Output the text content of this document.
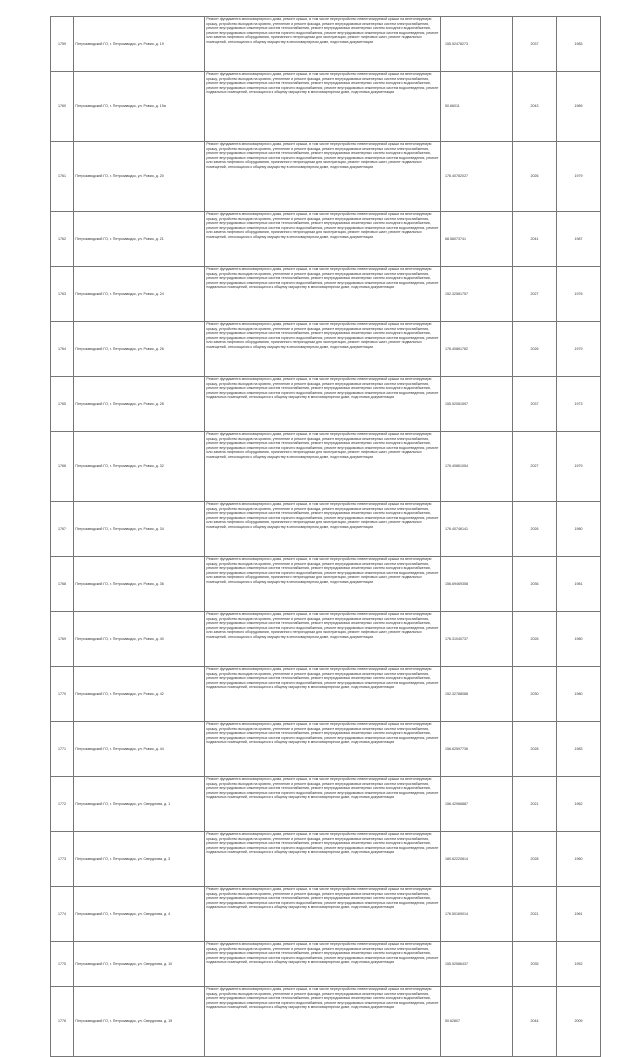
1759	Петрозаводский ГО, г. Петрозаводск, ул. Ровио, д. 19	Ремонт фундамента многоквартирного дома, ремонт крыши, в том числе переустройство невентилируемой крыши на вентилируемую крышу, устройство выходов на кровлю, утепление и ремонт фасада, ремонт внутридомовых инженерных систем электроснабжения, ремонт внутридомовых инженерных систем теплоснабжения, ремонт внутридомовых инженерных систем холодного водоснабжения, ремонт внутридомовых инженерных систем горячего водоснабжения, ремонт внутридомовых инженерных систем водоотведения, ремонт или замена лифтового оборудования, признанного непригодным для эксплуатации, ремонт лифтовых шахт, ремонт подвальных помещений, относящихся к общему имуществу в многоквартирном доме, подготовка документации	155.52478273	2037	1983
1760	Петрозаводский ГО, г. Петрозаводск, ул. Ровио, д. 19а	Ремонт фундамента многоквартирного дома, ремонт крыши, в том числе переустройство невентилируемой крыши на вентилируемую крышу, устройство выходов на кровлю, утепление и ремонт фасада, ремонт внутридомовых инженерных систем электроснабжения, ремонт внутридомовых инженерных систем теплоснабжения, ремонт внутридомовых инженерных систем холодного водоснабжения, ремонт внутридомовых инженерных систем горячего водоснабжения, ремонт внутридомовых инженерных систем водоотведения, ремонт подвальных помещений, относящихся к общему имуществу в многоквартирном доме, подготовка документации	50.66011	2043	1989
1761	Петрозаводский ГО, г. Петрозаводск, ул. Ровио, д. 20	Ремонт фундамента многоквартирного дома, ремонт крыши, в том числе переустройство невентилируемой крыши на вентилируемую крышу, устройство выходов на кровлю, утепление и ремонт фасада, ремонт внутридомовых инженерных систем электроснабжения, ремонт внутридомовых инженерных систем теплоснабжения, ремонт внутридомовых инженерных систем холодного водоснабжения, ремонт внутридомовых инженерных систем горячего водоснабжения, ремонт внутридомовых инженерных систем водоотведения, ремонт или замена лифтового оборудования, признанного непригодным для эксплуатации, ремонт лифтовых шахт, ремонт подвальных помещений, относящихся к общему имуществу в многоквартирном доме, подготовка документации	176.40782027	2026	1979
1762	Петрозаводский ГО, г. Петрозаводск, ул. Ровио, д. 21	Ремонт фундамента многоквартирного дома, ремонт крыши, в том числе переустройство невентилируемой крыши на вентилируемую крышу, устройство выходов на кровлю, утепление и ремонт фасада, ремонт внутридомовых инженерных систем электроснабжения, ремонт внутридомовых инженерных систем теплоснабжения, ремонт внутридомовых инженерных систем холодного водоснабжения, ремонт внутридомовых инженерных систем горячего водоснабжения, ремонт внутридомовых инженерных систем водоотведения, ремонт или замена лифтового оборудования, признанного непригодным для эксплуатации, ремонт лифтовых шахт, ремонт подвальных помещений, относящихся к общему имуществу в многоквартирном доме, подготовка документации	68.58073741	2041	1987
1763	Петрозаводский ГО, г. Петрозаводск, ул. Ровио, д. 24	Ремонт фундамента многоквартирного дома, ремонт крыши, в том числе переустройство невентилируемой крыши на вентилируемую крышу, устройство выходов на кровлю, утепление и ремонт фасада, ремонт внутридомовых инженерных систем электроснабжения, ремонт внутридомовых инженерных систем теплоснабжения, ремонт внутридомовых инженерных систем холодного водоснабжения, ремонт внутридомовых инженерных систем горячего водоснабжения, ремонт внутридомовых инженерных систем водоотведения, ремонт подвальных помещений, относящихся к общему имуществу в многоквартирном доме, подготовка документации	152.32581757	2027	1976
1764	Петрозаводский ГО, г. Петрозаводск, ул. Ровио, д. 26	Ремонт фундамента многоквартирного дома, ремонт крыши, в том числе переустройство невентилируемой крыши на вентилируемую крышу, устройство выходов на кровлю, утепление и ремонт фасада, ремонт внутридомовых инженерных систем электроснабжения, ремонт внутридомовых инженерных систем теплоснабжения, ремонт внутридомовых инженерных систем холодного водоснабжения, ремонт внутридомовых инженерных систем горячего водоснабжения, ремонт внутридомовых инженерных систем водоотведения, ремонт или замена лифтового оборудования, признанного непригодным для эксплуатации, ремонт лифтовых шахт, ремонт подвальных помещений, относящихся к общему имуществу в многоквартирном доме, подготовка документации	176.40861782	2026	1979
1765	Петрозаводский ГО, г. Петрозаводск, ул. Ровио, д. 28	Ремонт фундамента многоквартирного дома, ремонт крыши, в том числе переустройство невентилируемой крыши на вентилируемую крышу, устройство выходов на кровлю, утепление и ремонт фасада, ремонт внутридомовых инженерных систем электроснабжения, ремонт внутридомовых инженерных систем теплоснабжения, ремонт внутридомовых инженерных систем холодного водоснабжения, ремонт внутридомовых инженерных систем горячего водоснабжения, ремонт внутридомовых инженерных систем водоотведения, ремонт подвальных помещений, относящихся к общему имуществу в многоквартирном доме, подготовка документации	155.52081597	2037	1973
1766	Петрозаводский ГО, г. Петрозаводск, ул. Ровио, д. 32	Ремонт фундамента многоквартирного дома, ремонт крыши, в том числе переустройство невентилируемой крыши на вентилируемую крышу, устройство выходов на кровлю, утепление и ремонт фасада, ремонт внутридомовых инженерных систем электроснабжения, ремонт внутридомовых инженерных систем теплоснабжения, ремонт внутридомовых инженерных систем холодного водоснабжения, ремонт внутридомовых инженерных систем горячего водоснабжения, ремонт внутридомовых инженерных систем водоотведения, ремонт или замена лифтового оборудования, признанного непригодным для эксплуатации, ремонт лифтовых шахт, ремонт подвальных помещений, относящихся к общему имуществу в многоквартирном доме, подготовка документации	176.40861054	2027	1979
1767	Петрозаводский ГО, г. Петрозаводск, ул. Ровио, д. 34	Ремонт фундамента многоквартирного дома, ремонт крыши, в том числе переустройство невентилируемой крыши на вентилируемую крышу, устройство выходов на кровлю, утепление и ремонт фасада, ремонт внутридомовых инженерных систем электроснабжения, ремонт внутридомовых инженерных систем теплоснабжения, ремонт внутридомовых инженерных систем холодного водоснабжения, ремонт внутридомовых инженерных систем горячего водоснабжения, ремонт внутридомовых инженерных систем водоотведения, ремонт или замена лифтового оборудования, признанного непригодным для эксплуатации, ремонт лифтовых шахт, ремонт подвальных помещений, относящихся к общему имуществу в многоквартирном доме, подготовка документации	176.40746141	2026	1980
1768	Петрозаводский ГО, г. Петрозаводск, ул. Ровио, д. 36	Ремонт фундамента многоквартирного дома, ремонт крыши, в том числе переустройство невентилируемой крыши на вентилируемую крышу, устройство выходов на кровлю, утепление и ремонт фасада, ремонт внутридомовых инженерных систем электроснабжения, ремонт внутридомовых инженерных систем теплоснабжения, ремонт внутридомовых инженерных систем холодного водоснабжения, ремонт внутридомовых инженерных систем горячего водоснабжения, ремонт внутридомовых инженерных систем водоотведения, ремонт или замена лифтового оборудования, признанного непригодным для эксплуатации, ремонт лифтовых шахт, ремонт подвальных помещений, относящихся к общему имуществу в многоквартирном доме, подготовка документации	156.69469358	2036	1981
1769	Петрозаводский ГО, г. Петрозаводск, ул. Ровио, д. 40	Ремонт фундамента многоквартирного дома, ремонт крыши, в том числе переустройство невентилируемой крыши на вентилируемую крышу, устройство выходов на кровлю, утепление и ремонт фасада, ремонт внутридомовых инженерных систем электроснабжения, ремонт внутридомовых инженерных систем теплоснабжения, ремонт внутридомовых инженерных систем холодного водоснабжения, ремонт внутридомовых инженерных систем горячего водоснабжения, ремонт внутридомовых инженерных систем водоотведения, ремонт или замена лифтового оборудования, признанного непригодным для эксплуатации, ремонт лифтовых шахт, ремонт подвальных помещений, относящихся к общему имуществу в многоквартирном доме, подготовка документации	176.31040737	2026	1980
1770	Петрозаводский ГО, г. Петрозаводск, ул. Ровио, д. 42	Ремонт фундамента многоквартирного дома, ремонт крыши, в том числе переустройство невентилируемой крыши на вентилируемую крышу, устройство выходов на кровлю, утепление и ремонт фасада, ремонт внутридомовых инженерных систем электроснабжения, ремонт внутридомовых инженерных систем теплоснабжения, ремонт внутридомовых инженерных систем холодного водоснабжения, ремонт внутридомовых инженерных систем горячего водоснабжения, ремонт внутридомовых инженерных систем водоотведения, ремонт подвальных помещений, относящихся к общему имуществу в многоквартирном доме, подготовка документации	152.32788088	2030	1980
1771	Петрозаводский ГО, г. Петрозаводск, ул. Ровио, д. 44	Ремонт фундамента многоквартирного дома, ремонт крыши, в том числе переустройство невентилируемой крыши на вентилируемую крышу, устройство выходов на кровлю, утепление и ремонт фасада, ремонт внутридомовых инженерных систем электроснабжения, ремонт внутридомовых инженерных систем теплоснабжения, ремонт внутридомовых инженерных систем холодного водоснабжения, ремонт внутридомовых инженерных систем горячего водоснабжения, ремонт внутридомовых инженерных систем водоотведения, ремонт подвальных помещений, относящихся к общему имуществу в многоквартирном доме, подготовка документации	156.62597736	2028	1983
1772	Петрозаводский ГО, г. Петрозаводск, ул. Свердлова, д. 1	Ремонт фундамента многоквартирного дома, ремонт крыши, в том числе переустройство невентилируемой крыши на вентилируемую крышу, устройство выходов на кровлю, утепление и ремонт фасада, ремонт внутридомовых инженерных систем электроснабжения, ремонт внутридомовых инженерных систем теплоснабжения, ремонт внутридомовых инженерных систем холодного водоснабжения, ремонт внутридомовых инженерных систем горячего водоснабжения, ремонт внутридомовых инженерных систем водоотведения, ремонт подвальных помещений, относящихся к общему имуществу в многоквартирном доме, подготовка документации	156.42966887	2021	1962
1773	Петрозаводский ГО, г. Петрозаводск, ул. Свердлова, д. 3	Ремонт фундамента многоквартирного дома, ремонт крыши, в том числе переустройство невентилируемой крыши на вентилируемую крышу, устройство выходов на кровлю, утепление и ремонт фасада, ремонт внутридомовых инженерных систем электроснабжения, ремонт внутридомовых инженерных систем теплоснабжения, ремонт внутридомовых инженерных систем холодного водоснабжения, ремонт внутридомовых инженерных систем горячего водоснабжения, ремонт внутридомовых инженерных систем водоотведения, ремонт подвальных помещений, относящихся к общему имуществу в многоквартирном доме, подготовка документации	180.62220814	2028	1960
1774	Петрозаводский ГО, г. Петрозаводск, ул. Свердлова, д. 4	Ремонт фундамента многоквартирного дома, ремонт крыши, в том числе переустройство невентилируемой крыши на вентилируемую крышу, устройство выходов на кровлю, утепление и ремонт фасада, ремонт внутридомовых инженерных систем электроснабжения, ремонт внутридомовых инженерных систем теплоснабжения, ремонт внутридомовых инженерных систем холодного водоснабжения, ремонт внутридомовых инженерных систем горячего водоснабжения, ремонт внутридомовых инженерных систем водоотведения, ремонт подвальных помещений, относящихся к общему имуществу в многоквартирном доме, подготовка документации	176.50169014	2021	1961
1775	Петрозаводский ГО, г. Петрозаводск, ул. Свердлова, д. 10	Ремонт фундамента многоквартирного дома, ремонт крыши, в том числе переустройство невентилируемой крыши на вентилируемую крышу, устройство выходов на кровлю, утепление и ремонт фасада, ремонт внутридомовых инженерных систем электроснабжения, ремонт внутридомовых инженерных систем теплоснабжения, ремонт внутридомовых инженерных систем холодного водоснабжения, ремонт внутридомовых инженерных систем горячего водоснабжения, ремонт внутридомовых инженерных систем водоотведения, ремонт подвальных помещений, относящихся к общему имуществу в многоквартирном доме, подготовка документации	155.52586437	2035	1952
1776	Петрозаводский ГО, г. Петрозаводск, ул. Свердлова, д. 15	Ремонт фундамента многоквартирного дома, ремонт крыши, в том числе переустройство невентилируемой крыши на вентилируемую крышу, устройство выходов на кровлю, утепление и ремонт фасада, ремонт внутридомовых инженерных систем электроснабжения, ремонт внутридомовых инженерных систем теплоснабжения, ремонт внутридомовых инженерных систем холодного водоснабжения, ремонт внутридомовых инженерных систем горячего водоснабжения, ремонт внутридомовых инженерных систем водоотведения, ремонт подвальных помещений, относящихся к общему имуществу в многоквартирном доме, подготовка документации	50.62807	2044	2009
